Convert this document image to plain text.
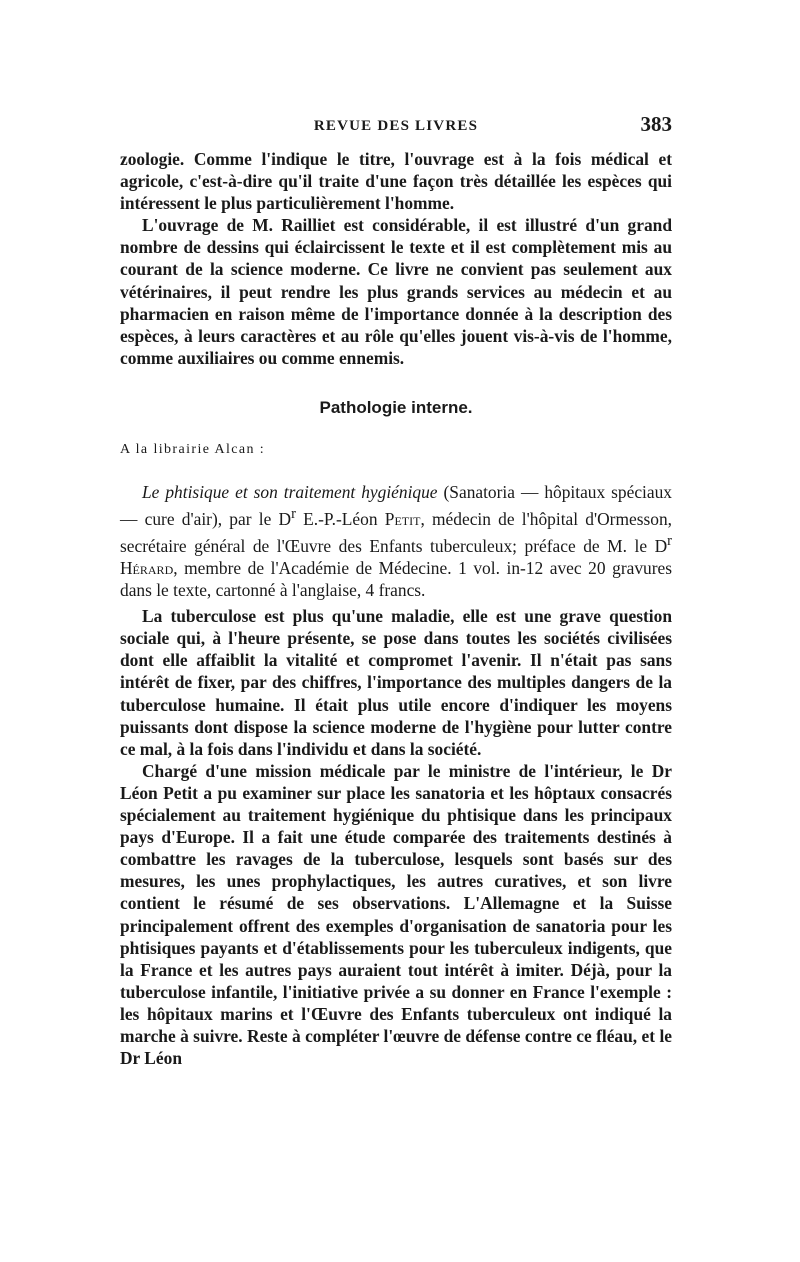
REVUE DES LIVRES	383

zoologie. Comme l'indique le titre, l'ouvrage est à la fois médical et agricole, c'est-à-dire qu'il traite d'une façon très détaillée les espèces qui intéressent le plus particulièrement l'homme.

L'ouvrage de M. Railliet est considérable, il est illustré d'un grand nombre de dessins qui éclaircissent le texte et il est complètement mis au courant de la science moderne. Ce livre ne convient pas seulement aux vétérinaires, il peut rendre les plus grands services au médecin et au pharmacien en raison même de l'importance donnée à la description des espèces, à leurs caractères et au rôle qu'elles jouent vis-à-vis de l'homme, comme auxiliaires ou comme ennemis.

Pathologie interne.
A la librairie Alcan :

Le phtisique et son traitement hygiénique (Sanatoria — hôpitaux spéciaux— cure d'air), par le $D^r$ E.-P.-Léon Petit, médecin de l'hôpital d'Ormesson, secrétaire général de l'Œuvre des Enfants tuberculeux; préface de M. le $D^r$ Hérard, membre de l'Académie de Médecine. 1 vol. in-12 avec 20 gravures dans le texte, cartonné à l'anglaise, 4 francs.

La tuberculose est plus qu'une maladie, elle est une grave question sociale qui, à l'heure présente, se pose dans toutes les sociétés civilisées dont elle affaiblit la vitalité et compromet l'avenir. Il n'était pas sans intérêt de fixer, par des chiffres, l'importance des multiples dangers de la tuberculose humaine. Il était plus utile encore d'indiquer les moyens puissants dont dispose la science moderne de l'hygiène pour lutter contre ce mal, à la fois dans l'individu et dans la société.

Chargé d'une mission médicale par le ministre de l'intérieur, le Dr Léon Petit a pu examiner sur place les sanatoria et les hôptaux consacrés spécialement au traitement hygiénique du phtisique dans les principaux pays d'Europe. Il a fait une étude comparée des traitements destinés à combattre les ravages de la tuberculose, lesquels sont basés sur des mesures, les unes prophylactiques, les autres curatives, et son livre contient le résumé de ses observations. L'Allemagne et la Suisse principalement offrent des exemples d'organisation de sanatoria pour les phtisiques payants et d'établissements pour les tuberculeux indigents, que la France et les autres pays auraient tout intérêt à imiter. Déjà, pour la tuberculose infantile, l'initiative privée a su donner en France l'exemple : les hôpitaux marins et l'Œuvre des Enfants tuberculeux ont indiqué la marche à suivre. Reste à compléter l'œuvre de défense contre ce fléau, et le Dr Léon
